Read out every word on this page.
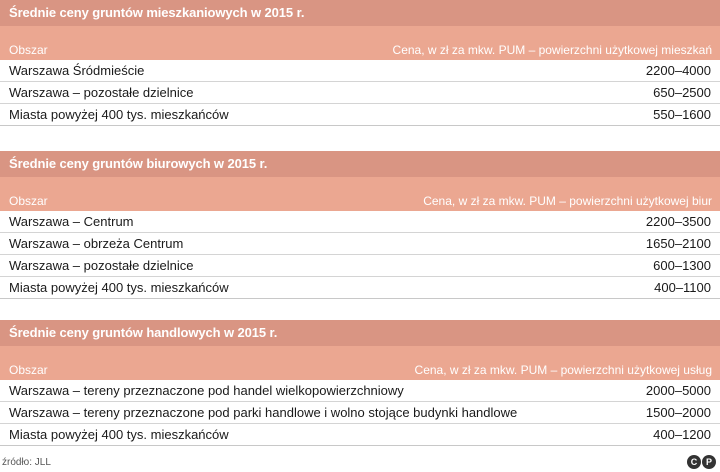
Średnie ceny gruntów mieszkaniowych w 2015 r.
Obszar	Cena, w zł za mkw. PUM – powierzchni użytkowej mieszkań
Warszawa Śródmieście	2200–4000
Warszawa – pozostałe dzielnice	650–2500
Miasta powyżej 400 tys. mieszkańców	550–1600
Średnie ceny gruntów biurowych w 2015 r.
Obszar	Cena, w zł za mkw. PUM – powierzchni użytkowej biur
Warszawa – Centrum	2200–3500
Warszawa – obrzeża Centrum	1650–2100
Warszawa – pozostałe dzielnice	600–1300
Miasta powyżej 400 tys. mieszkańców	400–1100
Średnie ceny gruntów handlowych w 2015 r.
Obszar	Cena, w zł za mkw. PUM – powierzchni użytkowej usług
Warszawa – tereny przeznaczone pod handel wielkopowierzchniowy	2000–5000
Warszawa – tereny przeznaczone pod parki handlowe i wolno stojące budynki handlowe	1500–2000
Miasta powyżej 400 tys. mieszkańców	400–1200
źródło: JLL	C P
